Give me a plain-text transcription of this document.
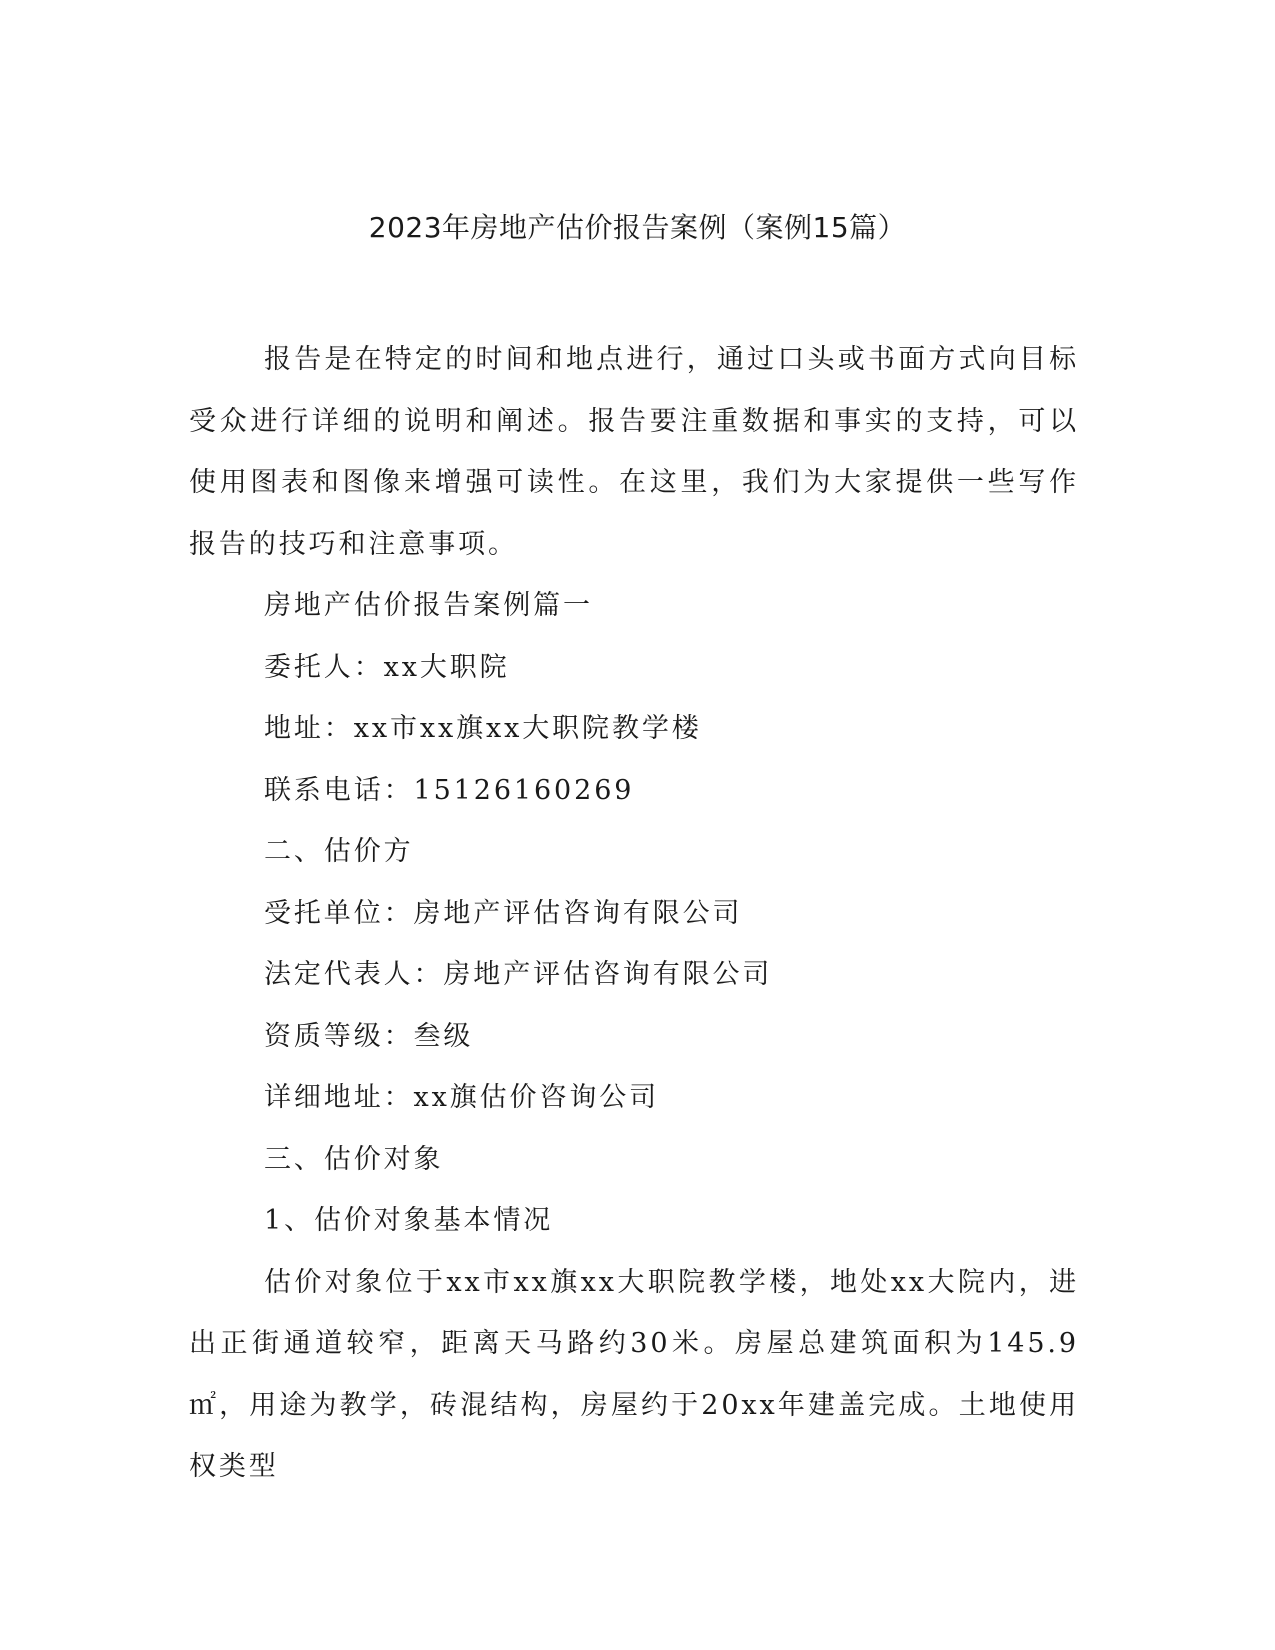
2023年房地产估价报告案例（案例15篇）

报告是在特定的时间和地点进行，通过口头或书面方式向目标受众进行详细的说明和阐述。报告要注重数据和事实的支持，可以使用图表和图像来增强可读性。在这里，我们为大家提供一些写作报告的技巧和注意事项。

房地产估价报告案例篇一

委托人：xx大职院

地址：xx市xx旗xx大职院教学楼

联系电话：15126160269

二、估价方

受托单位：房地产评估咨询有限公司

法定代表人：房地产评估咨询有限公司

资质等级：叁级

详细地址：xx旗估价咨询公司

三、估价对象

1、估价对象基本情况

估价对象位于xx市xx旗xx大职院教学楼，地处xx大院内，进出正街通道较窄，距离天马路约30米。房屋总建筑面积为145.9㎡，用途为教学，砖混结构，房屋约于20xx年建盖完成。土地使用权类型
